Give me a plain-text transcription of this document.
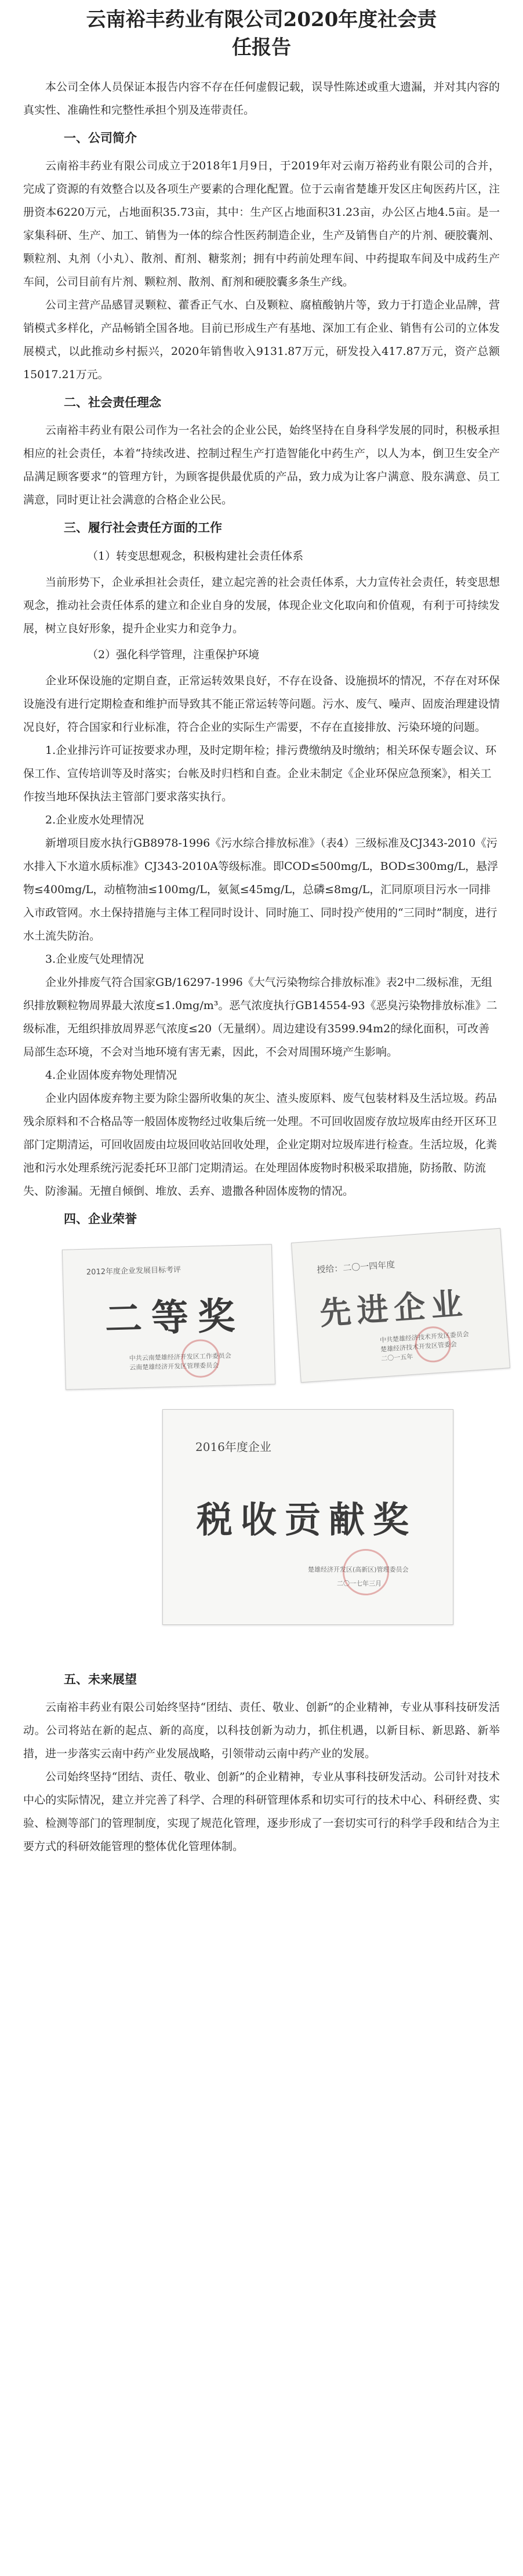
云南裕丰药业有限公司2020年度社会责任报告

本公司全体人员保证本报告内容不存在任何虚假记载，误导性陈述或重大遗漏，并对其内容的真实性、准确性和完整性承担个别及连带责任。

一、公司简介

云南裕丰药业有限公司成立于2018年1月9日，于2019年对云南万裕药业有限公司的合并，完成了资源的有效整合以及各项生产要素的合理化配置。位于云南省楚雄开发区庄甸医药片区，注册资本6220万元，占地面积35.73亩，其中：生产区占地面积31.23亩，办公区占地4.5亩。是一家集科研、生产、加工、销售为一体的综合性医药制造企业，生产及销售自产的片剂、硬胶囊剂、颗粒剂、丸剂（小丸）、散剂、酊剂、糖浆剂；拥有中药前处理车间、中药提取车间及中成药生产车间，公司目前有片剂、颗粒剂、散剂、酊剂和硬胶囊多条生产线。

公司主营产品感冒灵颗粒、藿香正气水、白及颗粒、腐植酸钠片等，致力于打造企业品牌，营销模式多样化，产品畅销全国各地。目前已形成生产有基地、深加工有企业、销售有公司的立体发展模式，以此推动乡村振兴，2020年销售收入9131.87万元，研发投入417.87万元，资产总额15017.21万元。

二、社会责任理念

云南裕丰药业有限公司作为一名社会的企业公民，始终坚持在自身科学发展的同时，积极承担相应的社会责任，本着“持续改进、控制过程生产打造智能化中药生产，以人为本，倒卫生安全产品满足顾客要求”的管理方针，为顾客提供最优质的产品，致力成为让客户满意、股东满意、员工满意，同时更让社会满意的合格企业公民。

三、履行社会责任方面的工作
（1）转变思想观念，积极构建社会责任体系

当前形势下，企业承担社会责任，建立起完善的社会责任体系，大力宣传社会责任，转变思想观念，推动社会责任体系的建立和企业自身的发展，体现企业文化取向和价值观，有利于可持续发展，树立良好形象，提升企业实力和竞争力。

（2）强化科学管理，注重保护环境

企业环保设施的定期自查，正常运转效果良好，不存在设备、设施损坏的情况，不存在对环保设施没有进行定期检查和维护而导致其不能正常运转等问题。污水、废气、噪声、固废治理建设情况良好，符合国家和行业标准，符合企业的实际生产需要，不存在直接排放、污染环境的问题。

1.企业排污许可证按要求办理，及时定期年检；排污费缴纳及时缴纳；相关环保专题会议、环保工作、宣传培训等及时落实；台帐及时归档和自查。企业未制定《企业环保应急预案》，相关工作按当地环保执法主管部门要求落实执行。

2.企业废水处理情况

新增项目废水执行GB8978-1996《污水综合排放标准》（表4）三级标准及CJ343-2010《污水排入下水道水质标准》CJ343-2010A等级标准。即COD≤500mg/L，BOD≤300mg/L，悬浮物≤400mg/L，动植物油≤100mg/L，氨氮≤45mg/L，总磷≤8mg/L，汇同原项目污水一同排入市政管网。水土保持措施与主体工程同时设计、同时施工、同时投产使用的“三同时”制度，进行水土流失防治。

3.企业废气处理情况

企业外排废气符合国家GB/16297-1996《大气污染物综合排放标准》表2中二级标准，无组织排放颗粒物周界最大浓度≤1.0mg/m³。恶气浓度执行GB14554-93《恶臭污染物排放标准》二级标准，无组织排放周界恶气浓度≤20（无量纲）。周边建设有3599.94m2的绿化面积，可改善局部生态环境，不会对当地环境有害无素，因此，不会对周围环境产生影响。

4.企业固体废弃物处理情况

企业内固体废弃物主要为除尘器所收集的灰尘、渣头废原料、废气包装材料及生活垃圾。药品残余原料和不合格品等一般固体废物经过收集后统一处理。不可回收固废存放垃圾库由经开区环卫部门定期清运，可回收固废由垃圾回收站回收处理，企业定期对垃圾库进行检查。生活垃圾，化粪池和污水处理系统污泥委托环卫部门定期清运。在处理固体废物时积极采取措施，防扬散、防流失、防渗漏。无擅自倾倒、堆放、丢弃、遗撒各种固体废物的情况。

四、企业荣誉
2012年度企业发展目标考评
二等奖
中共云南楚雄经济开发区工作委员会
云南楚雄经济开发区管理委员会
授给：二〇一四年度
先进企业
中共楚雄经济技术开发区委员会
楚雄经济技术开发区管委会
二〇一五年
2016年度企业
税收贡献奖
楚雄经济开发区(高新区)管理委员会
二〇一七年三月
五、未来展望

云南裕丰药业有限公司始终坚持“团结、责任、敬业、创新”的企业精神，专业从事科技研发活动。公司将站在新的起点、新的高度，以科技创新为动力，抓住机遇，以新目标、新思路、新举措，进一步落实云南中药产业发展战略，引领带动云南中药产业的发展。

公司始终坚持“团结、责任、敬业、创新”的企业精神，专业从事科技研发活动。公司针对技术中心的实际情况，建立并完善了科学、合理的科研管理体系和切实可行的技术中心、科研经费、实验、检测等部门的管理制度，实现了规范化管理，逐步形成了一套切实可行的科学手段和结合为主要方式的科研效能管理的整体优化管理体制。
